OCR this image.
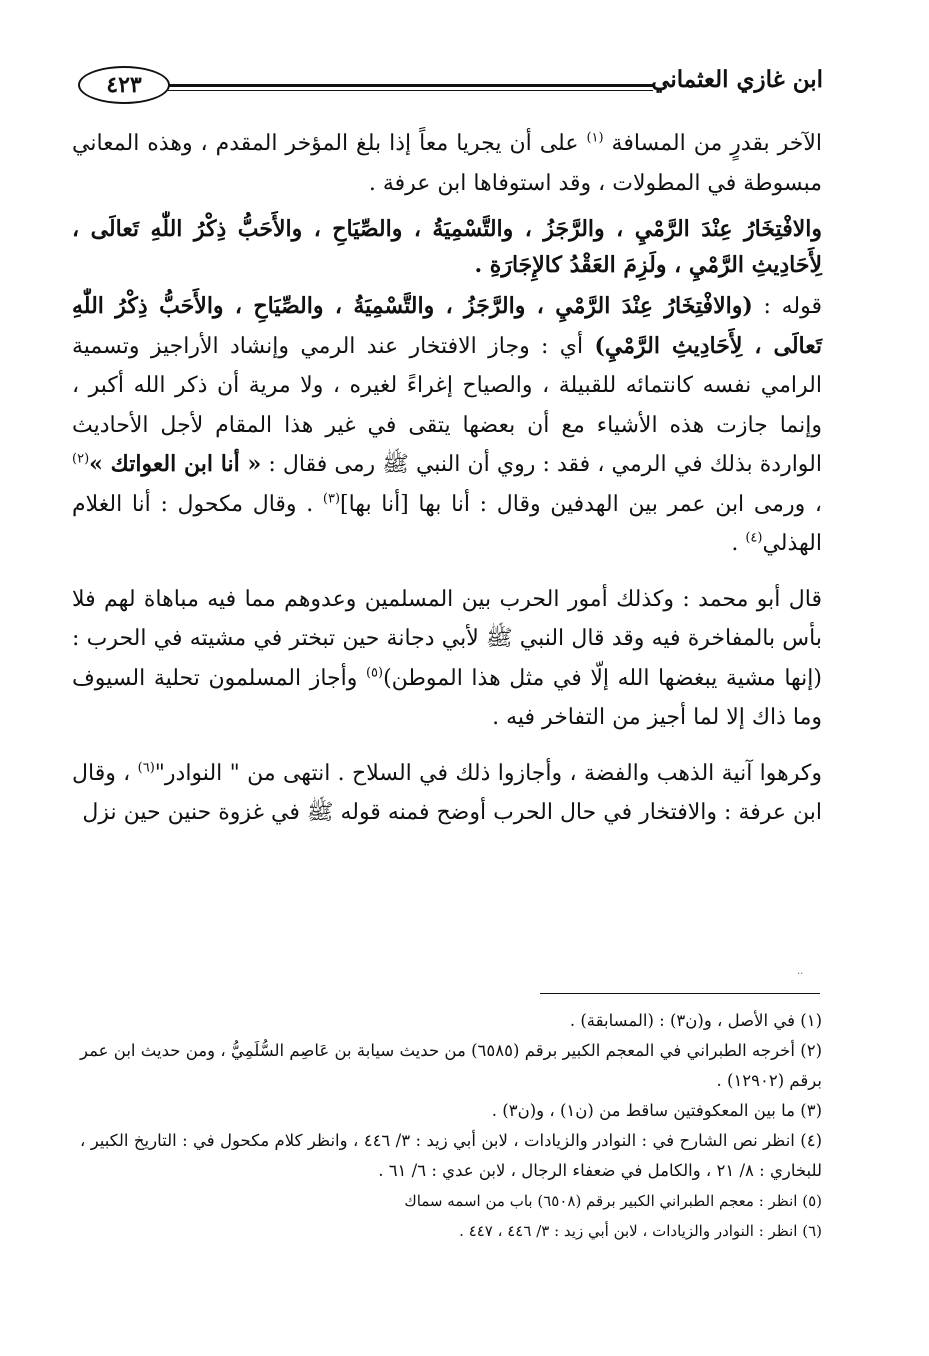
٤٢٣	ابن غازي العثماني

الآخر بقدرٍ من المسافة $^{(١)}$ على أن يجريا معاً إذا بلغ المؤخر المقدم ، وهذه المعاني مبسوطة في المطولات ، وقد استوفاها ابن عرفة .

والافْتِخَارُ عِنْدَ الرَّمْيِ ، والرَّجَزُ ، والتَّسْمِيَةُ ، والصِّيَاحِ ، والأَحَبُّ ذِكْرُ اللّٰهِ تَعالَى ، لِأَحَادِيثِ الرَّمْيِ ، ولَزِمَ العَقْدُ كالإِجَارَةِ .

قوله : (والافْتِخَارُ عِنْدَ الرَّمْيِ ، والرَّجَزُ ، والتَّسْمِيَةُ ، والصِّيَاحِ ، والأَحَبُّ ذِكْرُ اللّٰهِ تَعالَى ، لِأَحَادِيثِ الرَّمْيِ) أي : وجاز الافتخار عند الرمي وإنشاد الأراجيز وتسمية الرامي نفسه كانتمائه للقبيلة ، والصياح إغراءً لغيره ، ولا مرية أن ذكر الله أكبر ، وإنما جازت هذه الأشياء مع أن بعضها يتقى في غير هذا المقام لأجل الأحاديث الواردة بذلك في الرمي ، فقد : روي أن النبي ﷺ رمى فقال : « أنا ابن العواتك »$^{(٢)}$ ، ورمى ابن عمر بين الهدفين وقال : أنا بها [أنا بها]$^{(٣)}$ . وقال مكحول : أنا الغلام الهذلي$^{(٤)}$ .

قال أبو محمد : وكذلك أمور الحرب بين المسلمين وعدوهم مما فيه مباهاة لهم فلا بأس بالمفاخرة فيه وقد قال النبي ﷺ لأبي دجانة حين تبختر في مشيته في الحرب : (إنها مشية يبغضها الله إلّا في مثل هذا الموطن)$^{(٥)}$ وأجاز المسلمون تحلية السيوف وما ذاك إلا لما أجيز من التفاخر فيه .

وكرهوا آنية الذهب والفضة ، وأجازوا ذلك في السلاح . انتهى من " النوادر"$^{(٦)}$ ، وقال ابن عرفة : والافتخار في حال الحرب أوضح فمنه قوله ﷺ في غزوة حنين حين نزل

..

(١) في الأصل ، و(ن٣) : (المسابقة) .

(٢) أخرجه الطبراني في المعجم الكبير برقم (٦٥٨٥) من حديث سيابة بن عَاصِم السُّلَمِيُّ ، ومن حديث ابن عمر برقم (١٢٩٠٢) .

(٣) ما بين المعكوفتين ساقط من (ن١) ، و(ن٣) .

(٤) انظر نص الشارح في : النوادر والزيادات ، لابن أبي زيد : ٣/ ٤٤٦ ، وانظر كلام مكحول في : التاريخ الكبير ، للبخاري : ٨/ ٢١ ، والكامل في ضعفاء الرجال ، لابن عدي : ٦/ ٦١ .

(٥) انظر : معجم الطبراني الكبير برقم (٦٥٠٨) باب من اسمه سماك

(٦) انظر : النوادر والزيادات ، لابن أبي زيد : ٣/ ٤٤٦ ، ٤٤٧ .
